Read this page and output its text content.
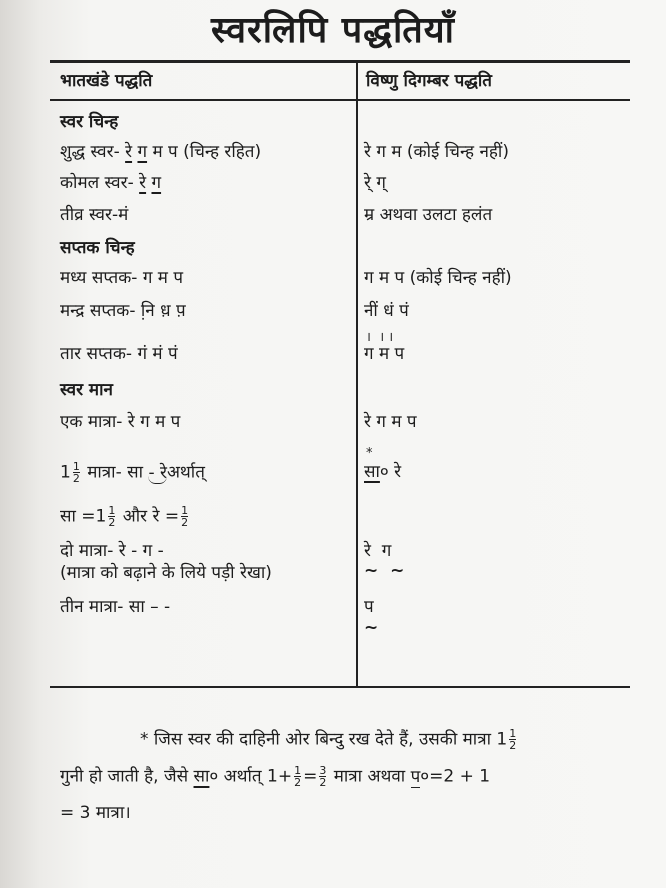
स्वरलिपि पद्धतियाँ
भातखंडे पद्धति	विष्णु दिगम्बर पद्धति
स्वर चिन्ह
शुद्ध स्वर- रे ग म प (चिन्ह रहित)
कोमल स्वर- रे ग
तीव्र स्वर-मं
सप्तक चिन्ह
मध्य सप्तक- ग म प
मन्द्र सप्तक- नि़ ध़ प़
तार सप्तक- गं मं पं
स्वर मान
एक मात्रा- रे ग म प
$1 \frac{1}{2}$ मात्रा- सा - रेअर्थात्
सा $=1 \frac{1}{2}$ और रे = $\frac{1}{2}$
दो मात्रा- रे - ग -
(मात्रा को बढ़ाने के लिये पड़ी रेखा)
तीन मात्रा- सा – -
रे ग म (कोई चिन्ह नहीं)
रे् ग्
म्र अथवा उलटा हलंत
ग म प (कोई चिन्ह नहीं)
नीं धं पं
।  । ।
ग म प
रे ग म प
*
सा० रे
रे  ग
~  ~
प
~
* जिस स्वर की दाहिनी ओर बिन्दु रख देते हैं, उसकी मात्रा $1 \frac{1}{2}$
गुनी हो जाती है, जैसे सा० अर्थात् $1+ \frac{1}{2} = \frac{3}{2}$ मात्रा अथवा प०=2 + 1
= 3 मात्रा।
